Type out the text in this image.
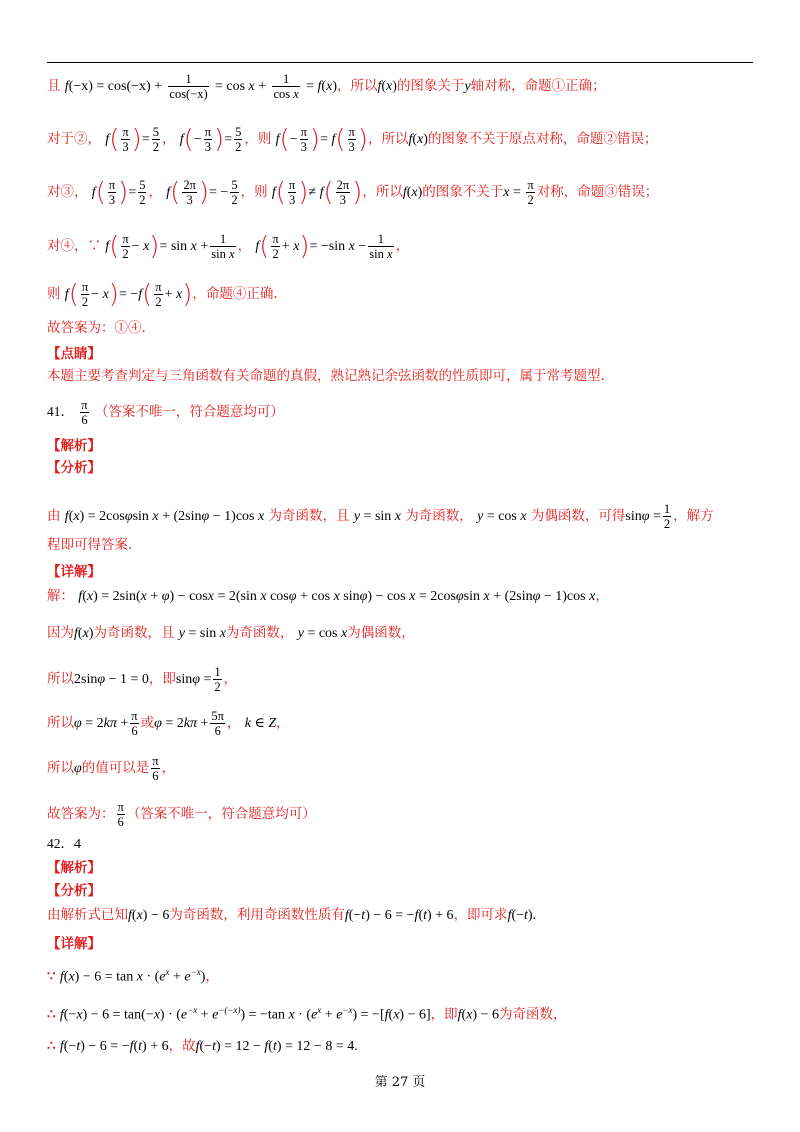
且 $f(-x) = \cos(-x) + \frac{1}{\cos(-x)} = \cos x + \frac{1}{\text{cos x}} = f(x)$，所以f(x)的图象关于y轴对称，命题①正确；
对于②， $f( \frac{\pi}{3}$ )= $\frac{5}{2}$ ， $f(- \frac{\pi}{3}$ )= $\frac{5}{2}$ ，则 $f(- \frac{\pi}{3}$ )= $f( \frac{\pi}{3}$ )，所以f(x)的图象不关于原点对称，命题②错误；
对③， $f( \frac{\pi}{3}$ )= $\frac{5}{2}$ ， $f( \frac{2\pi}{3}$ )= − $\frac{5}{2}$ ，则 $f( \frac{\pi}{3}$ )≠ $f( \frac{2\pi}{3}$ )，所以f(x)的图象不关于$x = \frac{\pi}{2}$ 对称，命题③错误；
对④，∵ $f( \frac{\pi}{2} - x)= \sin x + \frac{1}{\text{sin x}}$ ， $f( \frac{\pi}{2} + x)= -\sin$ $x - \frac{1}{\text{sin x}}$ ，
则 $f( \frac{\pi}{2} - x)= -f( \frac{\pi}{2} + x)$，命题④正确.
故答案为：①④.
【点睛】
本题主要考查判定与三角函数有关命题的真假，熟记熟记余弦函数的性质即可，属于常考题型.
41． $\frac{\pi}{6}$ （答案不唯一，符合题意均可）
【解析】
【分析】
由 f(x) = 2cosφsin x + (2sinφ − 1)cos x 为奇函数，且 y = sin x 为奇函数， y = cos x 为偶函数，可得$\sin\varphi = \frac{1}{2}$ ，解方
程即可得答案.
【详解】
解： f(x) = 2sin(x + φ) − cosx = 2(sin x cosφ + cos x sinφ) − cos x = 2cosφsin x + (2sinφ − 1)cos x，
因为f(x)为奇函数，且 y = sin x为奇函数， y = cos x为偶函数，
所以2sinφ − 1 = 0，即$\sin\varphi = \frac{1}{2}$ ，
所以$\varphi = 2k\pi + \frac{\pi}{6}$ 或$\varphi = 2k\pi + \frac{5\pi}{6}$ ， k ∈ Z，
所以φ的值可以是 $\frac{\pi}{6}$ ，
故答案为： $\frac{\pi}{6}$ （答案不唯一，符合题意均可）
42．4
【解析】
【分析】
由解析式已知f(x) − 6为奇函数，利用奇函数性质有f(−t) − 6 = −f(t) + 6，即可求f(−t).
【详解】
∵ $f(x) - 6 = \tan x \cdot (e^x + e^{-x})$，
∴ $f(-x) - 6 = \tan(-x) \cdot (e^{-x} + e^{-(-x)}) = -\tan$ $x \cdot (e^x + e^{-x}) = -[f(x) - 6]$，即f(x) − 6为奇函数，
∴ f(−t) − 6 = −f(t) + 6，故f(−t) = 12 − f(t) = 12 − 8 = 4.
第 27 页
